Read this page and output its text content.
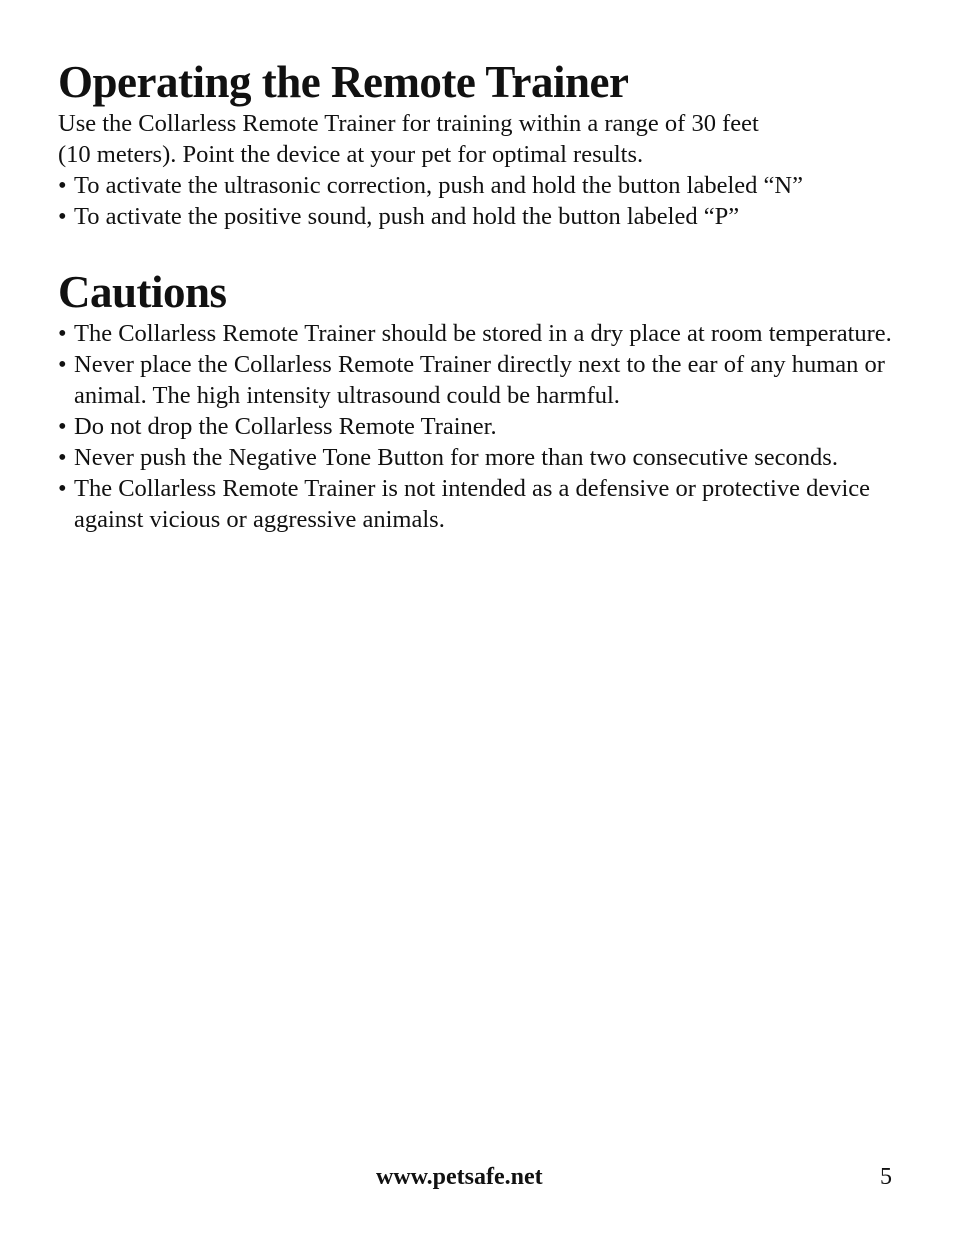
Operating the Remote Trainer

Use the Collarless Remote Trainer for training within a range of 30 feet
(10 meters). Point the device at your pet for optimal results.

• To activate the ultrasonic correction, push and hold the button labeled “N”
• To activate the positive sound, push and hold the button labeled “P”
Cautions
• The Collarless Remote Trainer should be stored in a dry place at room temperature.
• Never place the Collarless Remote Trainer directly next to the ear of any human or animal. The high intensity ultrasound could be harmful.
• Do not drop the Collarless Remote Trainer.
• Never push the Negative Tone Button for more than two consecutive seconds.
• The Collarless Remote Trainer is not intended as a defensive or protective device against vicious or aggressive animals.
www.petsafe.net	5
